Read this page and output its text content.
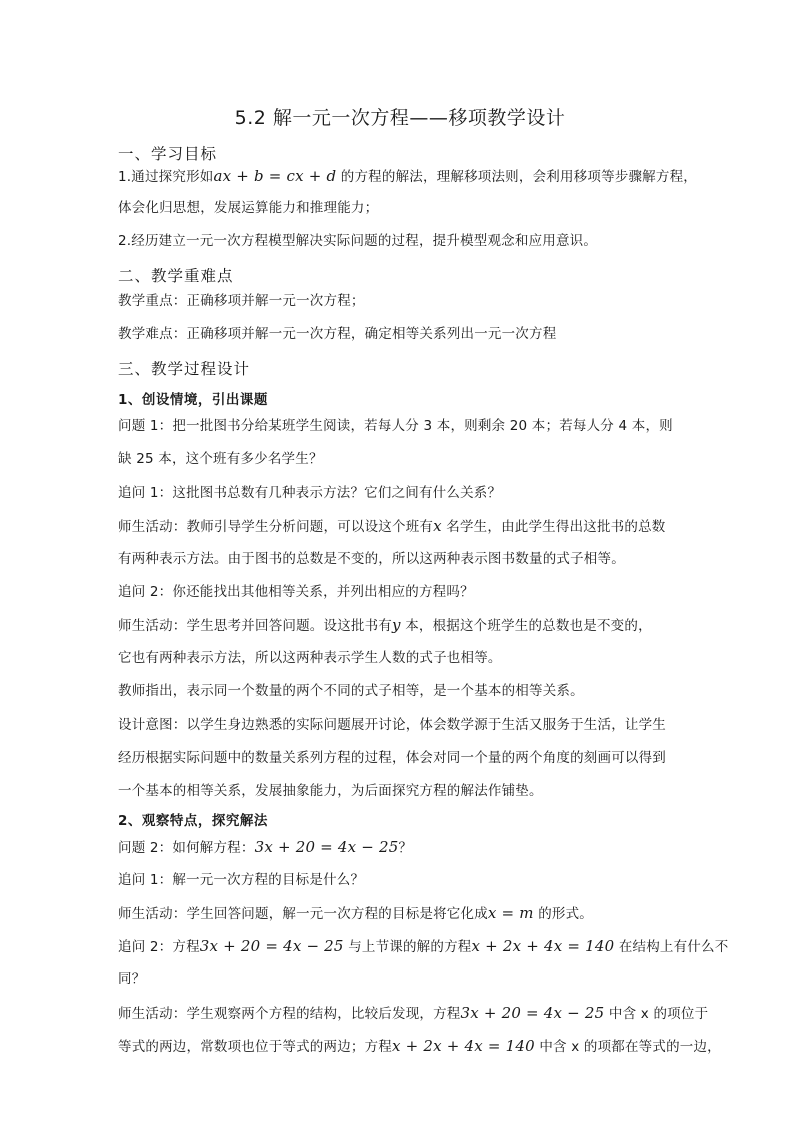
5.2 解一元一次方程——移项教学设计
一、学习目标
1.通过探究形如ax + b = cx + d 的方程的解法，理解移项法则，会利用移项等步骤解方程，
体会化归思想，发展运算能力和推理能力；
2.经历建立一元一次方程模型解决实际问题的过程，提升模型观念和应用意识。
二、教学重难点
教学重点：正确移项并解一元一次方程；
教学难点：正确移项并解一元一次方程，确定相等关系列出一元一次方程
三、教学过程设计
1、创设情境，引出课题
问题 1：把一批图书分给某班学生阅读，若每人分 3 本，则剩余 20 本；若每人分 4 本，则
缺 25 本，这个班有多少名学生？
追问 1：这批图书总数有几种表示方法？它们之间有什么关系？
师生活动：教师引导学生分析问题，可以设这个班有x 名学生，由此学生得出这批书的总数
有两种表示方法。由于图书的总数是不变的，所以这两种表示图书数量的式子相等。
追问 2：你还能找出其他相等关系，并列出相应的方程吗？
师生活动：学生思考并回答问题。设这批书有y 本，根据这个班学生的总数也是不变的，
它也有两种表示方法，所以这两种表示学生人数的式子也相等。
教师指出，表示同一个数量的两个不同的式子相等，是一个基本的相等关系。
设计意图：以学生身边熟悉的实际问题展开讨论，体会数学源于生活又服务于生活，让学生
经历根据实际问题中的数量关系列方程的过程，体会对同一个量的两个角度的刻画可以得到
一个基本的相等关系，发展抽象能力，为后面探究方程的解法作铺垫。
2、观察特点，探究解法
问题 2：如何解方程：3x + 20 = 4x − 25？
追问 1：解一元一次方程的目标是什么？
师生活动：学生回答问题，解一元一次方程的目标是将它化成x = m 的形式。
追问 2：方程3x + 20 = 4x − 25 与上节课的解的方程x + 2x + 4x = 140 在结构上有什么不
同？
师生活动：学生观察两个方程的结构，比较后发现，方程3x + 20 = 4x − 25 中含 x 的项位于
等式的两边，常数项也位于等式的两边；方程x + 2x + 4x = 140 中含 x 的项都在等式的一边，
